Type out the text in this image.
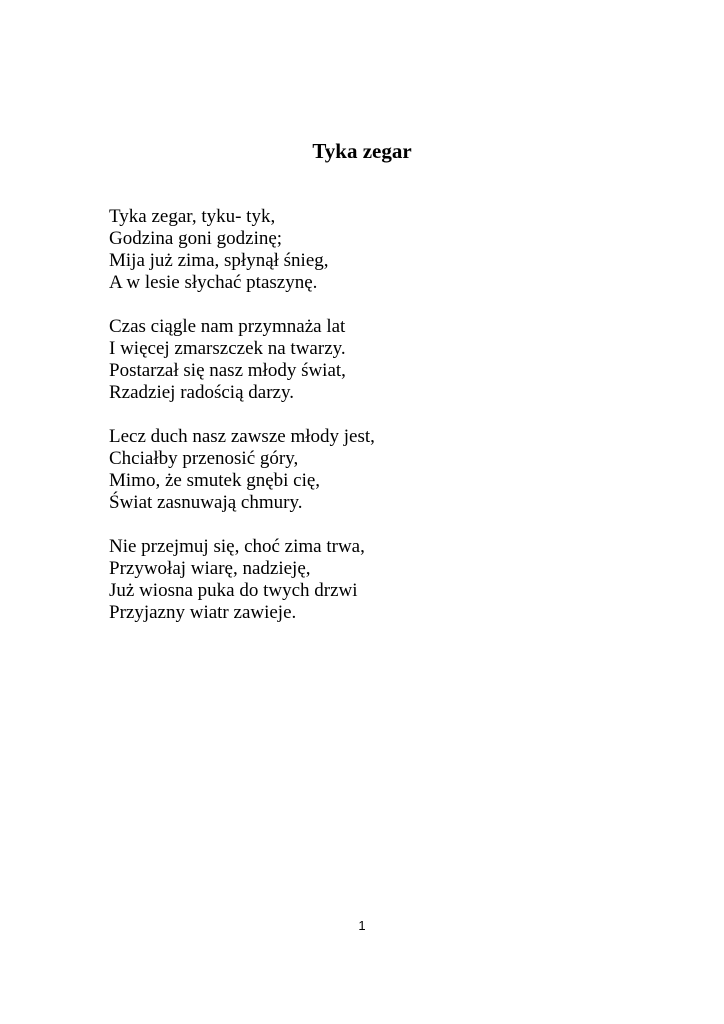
Tyka zegar
Tyka zegar, tyku- tyk,
Godzina goni godzinę;
Mija już zima, spłynął śnieg,
A w lesie słychać ptaszynę.
Czas ciągle nam przymnaża lat
I więcej zmarszczek na twarzy.
Postarzał się nasz młody świat,
Rzadziej radością darzy.
Lecz duch nasz zawsze młody jest,
Chciałby przenosić góry,
Mimo, że smutek gnębi cię,
Świat zasnuwają chmury.
Nie przejmuj się, choć zima trwa,
Przywołaj wiarę, nadzieję,
Już wiosna puka do twych drzwi
Przyjazny wiatr zawieje.
1
